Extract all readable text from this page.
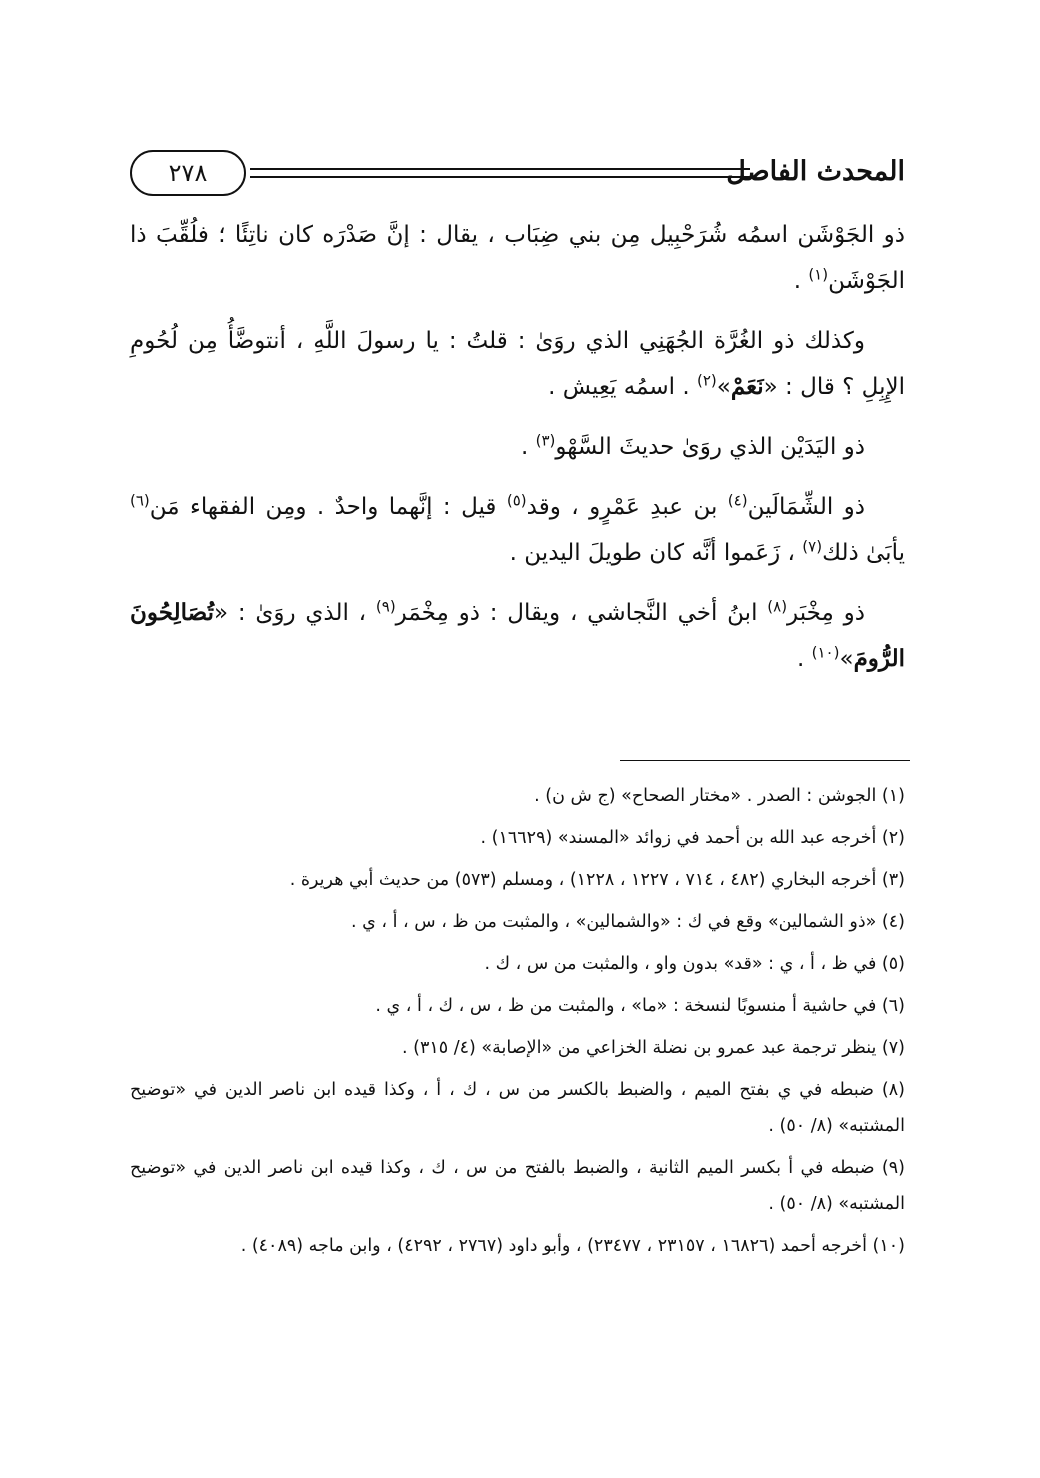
المحدث الفاصل
٢٧٨

ذو الجَوْشَن اسمُه شُرَحْبِيل مِن بني ضِبَاب ، يقال : إنَّ صَدْرَه كان ناتِئًا ؛ فلُقِّبَ ذا الجَوْشَن$^{(١)}$ .

وكذلك ذو الغُرَّة الجُهَنِي الذي روَىٰ : قلتُ : يا رسولَ اللَّهِ ، أنتوضَّأُ مِن لُحُومِ الإِبِلِ ؟ قال : «نَعَمْ»$^{(٢)}$ . اسمُه يَعِيش .

ذو اليَدَيْن الذي روَىٰ حديثَ السَّهْو$^{(٣)}$ .

ذو الشِّمَالَين$^{(٤)}$ بن عبدِ عَمْرٍو ، وقد$^{(٥)}$ قيل : إنَّهما واحدٌ . ومِن الفقهاء مَن$^{(٦)}$ يأبَىٰ ذلك$^{(٧)}$ ، زَعَموا أنَّه كان طويلَ اليدين .

ذو مِخْبَر$^{(٨)}$ ابنُ أخي النَّجاشي ، ويقال : ذو مِخْمَر$^{(٩)}$ ، الذي روَىٰ : «تُصَالِحُونَ الرُّومَ»$^{(١٠)}$ .

(١) الجوشن : الصدر . «مختار الصحاح» (ج ش ن) .

(٢) أخرجه عبد الله بن أحمد في زوائد «المسند» (١٦٦٢٩) .

(٣) أخرجه البخاري (٤٨٢ ، ٧١٤ ، ١٢٢٧ ، ١٢٢٨) ، ومسلم (٥٧٣) من حديث أبي هريرة .

(٤) «ذو الشمالين» وقع في ك : «والشمالين» ، والمثبت من ظ ، س ، أ ، ي .

(٥) في ظ ، أ ، ي : «قد» بدون واو ، والمثبت من س ، ك .

(٦) في حاشية أ منسوبًا لنسخة : «ما» ، والمثبت من ظ ، س ، ك ، أ ، ي .

(٧) ينظر ترجمة عبد عمرو بن نضلة الخزاعي من «الإصابة» (٤/ ٣١٥) .

(٨) ضبطه في ي بفتح الميم ، والضبط بالكسر من س ، ك ، أ ، وكذا قيده ابن ناصر الدين في «توضيح المشتبه» (٨/ ٥٠) .

(٩) ضبطه في أ بكسر الميم الثانية ، والضبط بالفتح من س ، ك ، وكذا قيده ابن ناصر الدين في «توضيح المشتبه» (٨/ ٥٠) .

(١٠) أخرجه أحمد (١٦٨٢٦ ، ٢٣١٥٧ ، ٢٣٤٧٧) ، وأبو داود (٢٧٦٧ ، ٤٢٩٢) ، وابن ماجه (٤٠٨٩) .
